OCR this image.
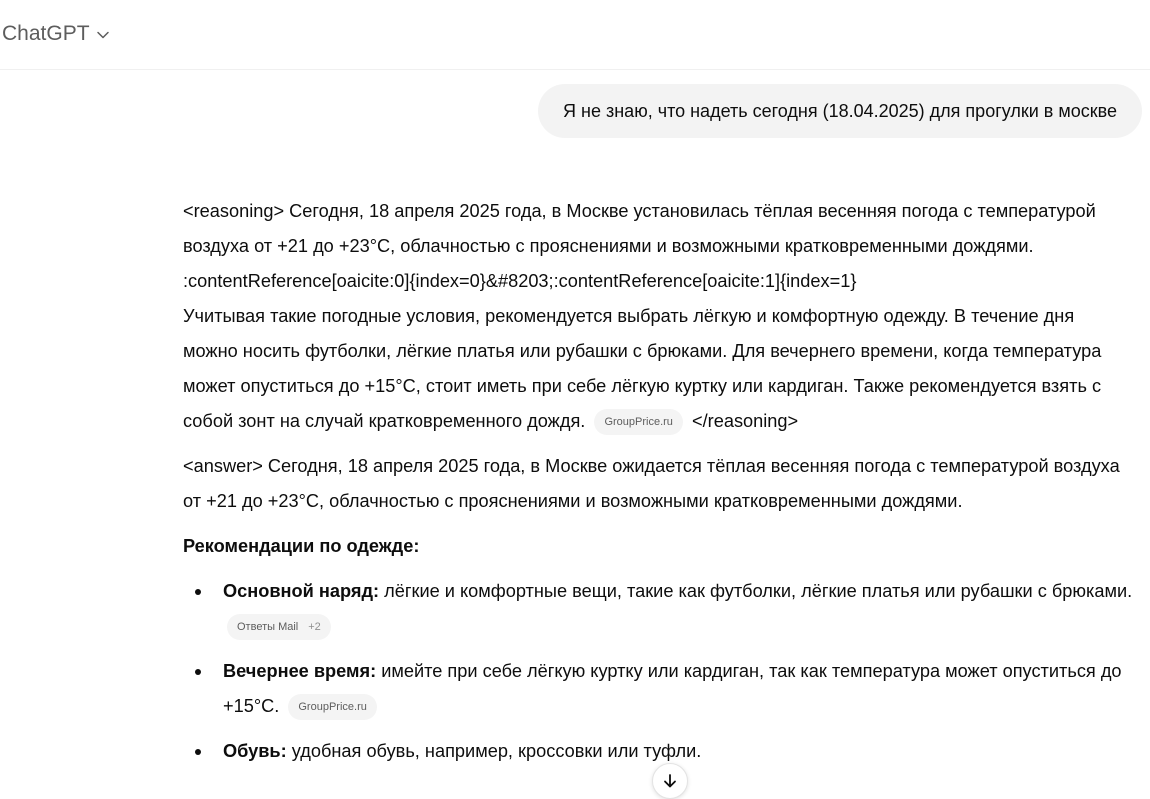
ChatGPT
Я не знаю, что надеть сегодня (18.04.2025) для прогулки в москве

<reasoning> Сегодня, 18 апреля 2025 года, в Москве установилась тёплая весенняя погода с температурой воздуха от +21 до +23°C, облачностью с прояснениями и возможными кратковременными дождями. :contentReference[oaicite:0]{index=0}&#8203;:contentReference[oaicite:1]{index=1}
Учитывая такие погодные условия, рекомендуется выбрать лёгкую и комфортную одежду. В течение дня можно носить футболки, лёгкие платья или рубашки с брюками. Для вечернего времени, когда температура может опуститься до +15°C, стоит иметь при себе лёгкую куртку или кардиган. Также рекомендуется взять с собой зонт на случай кратковременного дождя. GroupPrice.ru </reasoning>

<answer> Сегодня, 18 апреля 2025 года, в Москве ожидается тёплая весенняя погода с температурой воздуха от +21 до +23°C, облачностью с прояснениями и возможными кратковременными дождями.

Рекомендации по одежде:
Основной наряд: лёгкие и комфортные вещи, такие как футболки, лёгкие платья или рубашки с брюками.
Ответы Mail +2
Вечернее время: имейте при себе лёгкую куртку или кардиган, так как температура может опуститься до +15°C. GroupPrice.ru
Обувь: удобная обувь, например, кроссовки или туфли.
